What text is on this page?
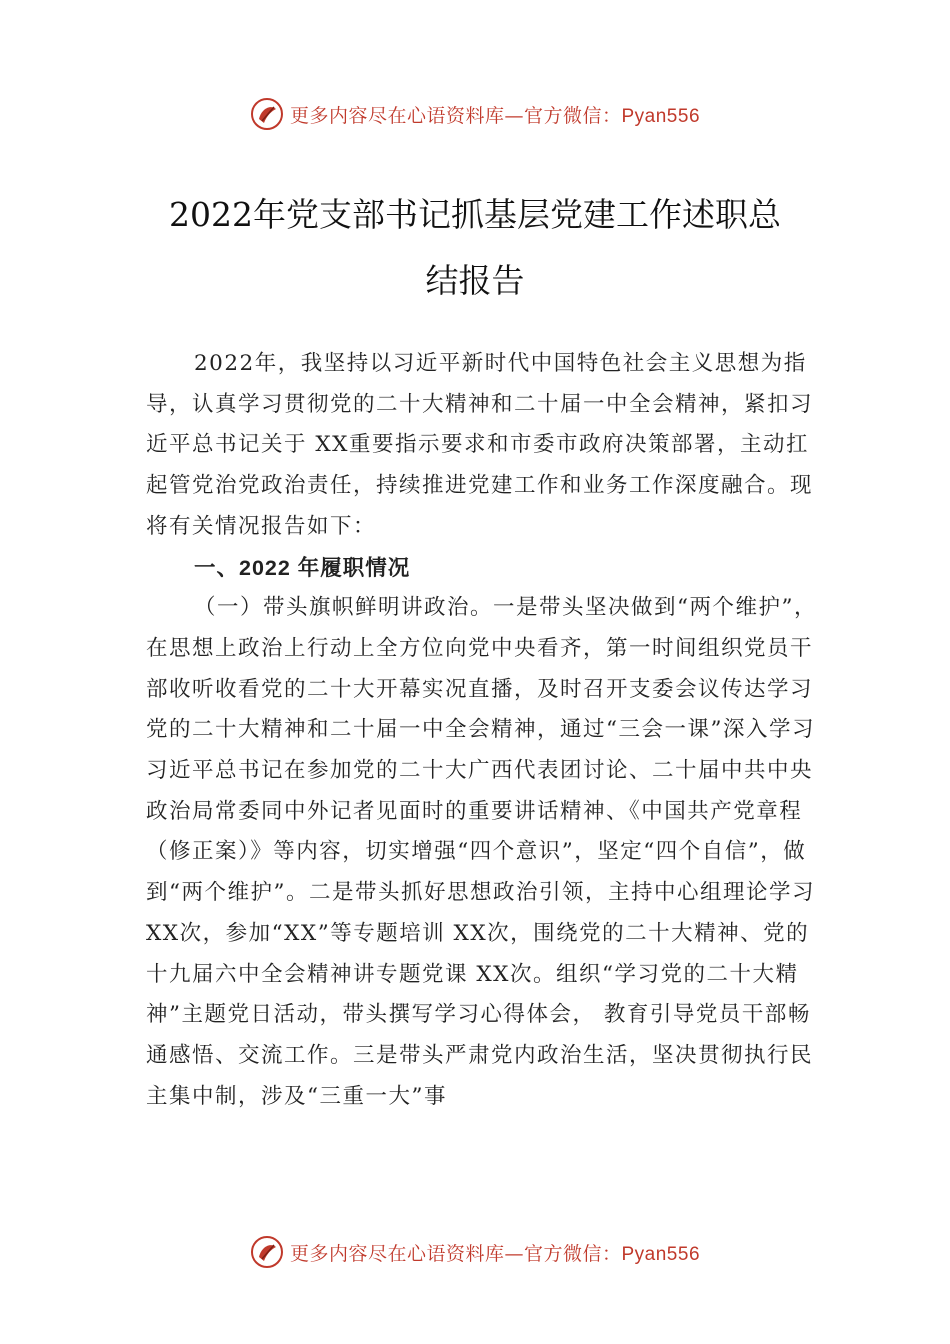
更多内容尽在心语资料库—官方微信：Pyan556
2022年党支部书记抓基层党建工作述职总
结报告

2022年，我坚持以习近平新时代中国特色社会主义思想为指导，认真学习贯彻党的二十大精神和二十届一中全会精神，紧扣习近平总书记关于 XX重要指示要求和市委市政府决策部署，主动扛起管党治党政治责任，持续推进党建工作和业务工作深度融合。现将有关情况报告如下：

一、2022 年履职情况

（一）带头旗帜鲜明讲政治。一是带头坚决做到“两个维护”，在思想上政治上行动上全方位向党中央看齐，第一时间组织党员干部收听收看党的二十大开幕实况直播，及时召开支委会议传达学习党的二十大精神和二十届一中全会精神，通过“三会一课”深入学习习近平总书记在参加党的二十大广西代表团讨论、二十届中共中央政治局常委同中外记者见面时的重要讲话精神、《中国共产党章程（修正案）》等内容，切实增强“四个意识”，坚定“四个自信”，做到“两个维护”。二是带头抓好思想政治引领，主持中心组理论学习XX次，参加“XX”等专题培训 XX次，围绕党的二十大精神、党的十九届六中全会精神讲专题党课 XX次。组织“学习党的二十大精神”主题党日活动，带头撰写学习心得体会， 教育引导党员干部畅通感悟、交流工作。三是带头严肃党内政治生活，坚决贯彻执行民主集中制，涉及“三重一大”事

更多内容尽在心语资料库—官方微信：Pyan556
